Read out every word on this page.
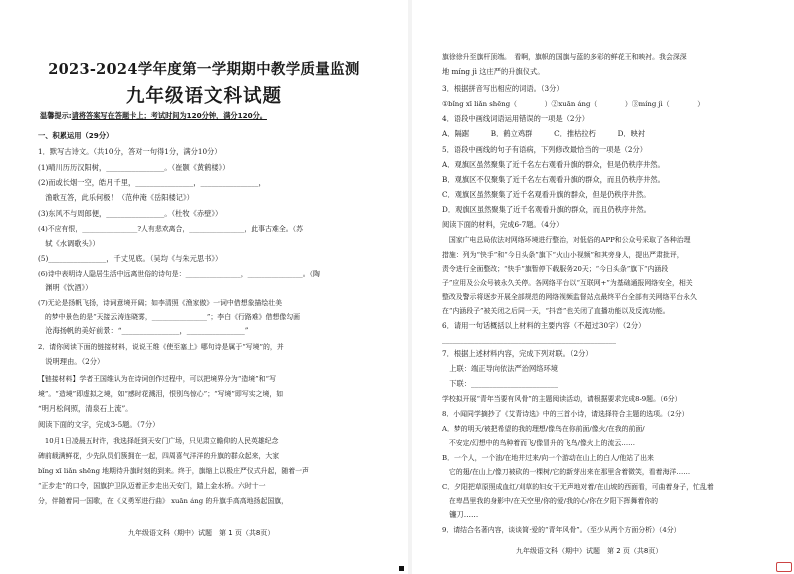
2023-2024学年度第一学期期中教学质量监测
九年级语文科试题
温馨提示:请将答案写在答题卡上；考试时间为120分钟，满分120分。
一、积累运用（29分）
1．默写古诗文。（共10分，答对一句得1分，满分10分）
(1)晴川历历汉阳树，________________。（崔颢《黄鹤楼》）
(2)而或长烟一空，皓月千里，________________，________________，
　渔歌互答，此乐何极！（范仲淹《岳阳楼记》）
(3)东风不与周郎便，________________。（杜牧《赤壁》）
(4)不应有恨，________________?人有悲欢离合，________________，此事古难全。（苏
　轼《水调歌头》）
(5)________________，千丈见底。（吴均《与朱元思书》）
(6)诗中表明诗人隐居生活中远离世俗的诗句是：________________，________________。（陶
　渊明《饮酒》）
(7)无论是扬帆飞扬，诗词意境开阔；如李清照《渔家傲》一词中借想象描绘壮美
　的梦中景色的是“天接云涛连晓雾，________________”；李白《行路难》借想像勾画
　沧海扬帆的美好前景：“________________，________________”
2．请你阅读下面的链接材料，说说王维《使至塞上》哪句诗是属于“写境”的，并
　说明理由。（2分）
【链接材料】学者王国维认为在诗词创作过程中，可以把境界分为“造境”和“写
境”。“造境”即虚拟之境，如“感时花溅泪，恨别鸟惊心”；“写境”即写实之境，如
“明月松间照，清泉石上流”。
阅读下面的文字，完成3-5题。（7分）
　10月1日凌晨五时许，我选择赶到天安门广场，只见肃立瞻仰的人民英雄纪念
碑前载满鲜花，少先队员们簇拥在一起，四周喜气洋洋的升旗的群众起来，大家
bǐng xī liǎn shēng 地期待升旗时刻的到来。终于，旗缩上以极庄严仪式升起，随着一声
“正步走”的口令，国旗护卫队迈着正步走出天安门，踏上金水桥。六时十一
分，伴随着同一国歌，在《义勇军进行曲》 xuān áng 的升旗手高高地扬起国旗，
九年级语文科（期中）试题　第 1 页（共8页）
旗徐徐升至旗杆顶端。　看啊，旗帜的国旗与蓝的多彩的鲜花王和映衬。我会深深
地 míng jì 这庄严的升旗仪式。
3．根据拼音写出相应的词语。（3分）
①bǐng xī liǎn shēng（　　　　）②xuān áng（　　　　）③míng jì（　　　　）
4．语段中画线词语运用错误的一项是（2分）
A．隔踞　　　B．鹤立鸡群　　　C．推枯拉朽　　　D．映衬
5．语段中画线的句子有语病，下列修改最恰当的一项是（2分）
A．观旗区虽然聚集了近千名左右观看升旗的群众，但是仍秩序井然。
B．观旗区不仅聚集了近千名左右观看升旗的群众，而且仍秩序井然。
C．观旗区虽然聚集了近千名观看升旗的群众，但是仍秩序井然。
D．观旗区虽然聚集了近千名观看升旗的群众，而且仍秩序井然。
阅读下面的材料，完成6-7题。（4分）
　国家广电总局依法对网络环境进行整治，对低俗的APP和公众号采取了各种治理
措施：列为“快手”和“今日头条”旗下“火山小视频”和其旁身人，提出严肃批评，
责令进行全面整改；“快手”旗暂停下载服务20天；“今日头条”旗下“内涵段
子”应用及公众号被永久关停。各网络平台以“互联网+”为基础通报网络安全，相关
整改及警示将逐步开展全部规范的网络视频监督站点最终平台全部有关网络平台永久
在“内涵段子”被关闭之后同一天，“抖音”也关闭了直播功能以及反流功能。
6．请用一句话概括以上材料的主要内容（不超过30字）（2分）
________________________________________________
7．根据上述材料内容，完成下列对联。（2分）
　上联：端正导向依法严治网络环境
　下联：________________________
学校拟开展“青年当要有风骨”的主题阅读活动，请根据要求完成8-9题。（6分）
8．小闻同学摘抄了《艾青诗选》中的三首小诗，请选择符合主题的选项。（2分）
A．梦的明天/被把希望的我的理想/像鸟在你前面/像火/在我的前面/
　不安定/幻想中的鸟种着而飞/像冒升的飞鸟/像火上的流云……
B．一个人，一个油/在地井过来/向一个游动在山上的白人/他站了出来
　它的翅/在山上/像刀被砍的一棵树/它的新芽出来在那里含着微笑，看着海洋……
C．夕阳把草原照成血红/刈草的妇女干无声地对着/在山坡的西面看，可曲着身子，忙乱着
　在卑昌里我的身影中/在天空里/你的爱/我的心/你在夕阳下挥舞着你的
　镰刀……
9．请结合名著内容，谈谈简·爱的“青年风骨”。（至少从两个方面分析）（4分）
九年级语文科（期中）试题　第 2 页（共8页）
